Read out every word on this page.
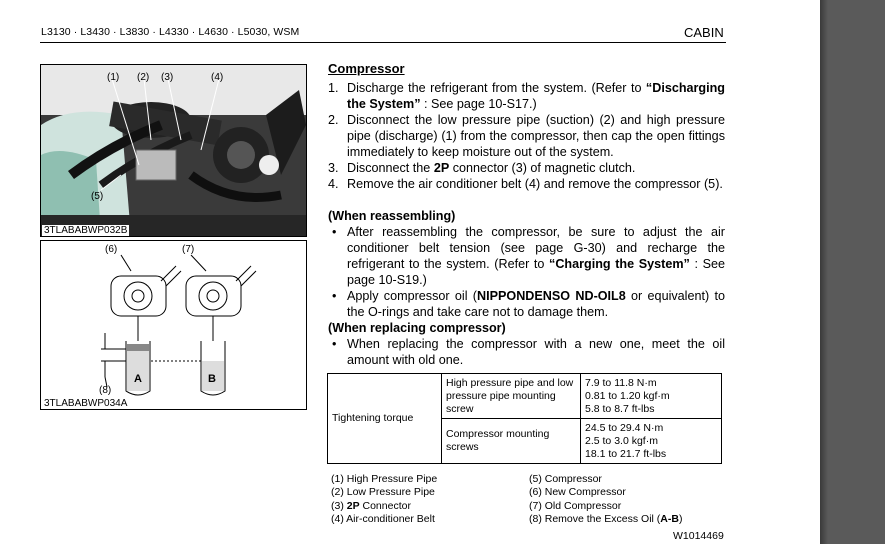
L3130 · L3430 · L3830 · L4330 · L4630 · L5030, WSM	CABIN
(1) (2) (3)	(4)
(5)
3TLABABWP032B
(6)	(7)
(8)
A	B
3TLABABWP034A
Compressor
1. Discharge the refrigerant from the system. (Refer to “Discharging the System” : See page 10-S17.)
2. Disconnect the low pressure pipe (suction) (2) and high pressure pipe (discharge) (1) from the compressor, then cap the open fittings immediately to keep moisture out of the system.
3. Disconnect the 2P connector (3) of magnetic clutch.
4. Remove the air conditioner belt (4) and remove the compressor (5).
(When reassembling)
• After reassembling the compressor, be sure to adjust the air conditioner belt tension (see page G-30) and recharge the refrigerant to the system. (Refer to “Charging the System” : See page 10-S19.)
• Apply compressor oil (NIPPONDENSO ND-OIL8 or equivalent) to the O-rings and take care not to damage them.
(When replacing compressor)
• When replacing the compressor with a new one, meet the oil amount with old one.
Tightening torque	High pressure pipe and low pressure pipe mounting screw	7.9 to 11.8 N·m
0.81 to 1.20 kgf·m
5.8 to 8.7 ft-lbs

	Compressor mounting screws	24.5 to 29.4 N·m
2.5 to 3.0 kgf·m
18.1 to 21.7 ft-lbs
(1) High Pressure Pipe
(2) Low Pressure Pipe
(3) 2P Connector
(4) Air-conditioner Belt
(5) Compressor
(6) New Compressor
(7) Old Compressor
(8) Remove the Excess Oil (A-B)
W1014469
